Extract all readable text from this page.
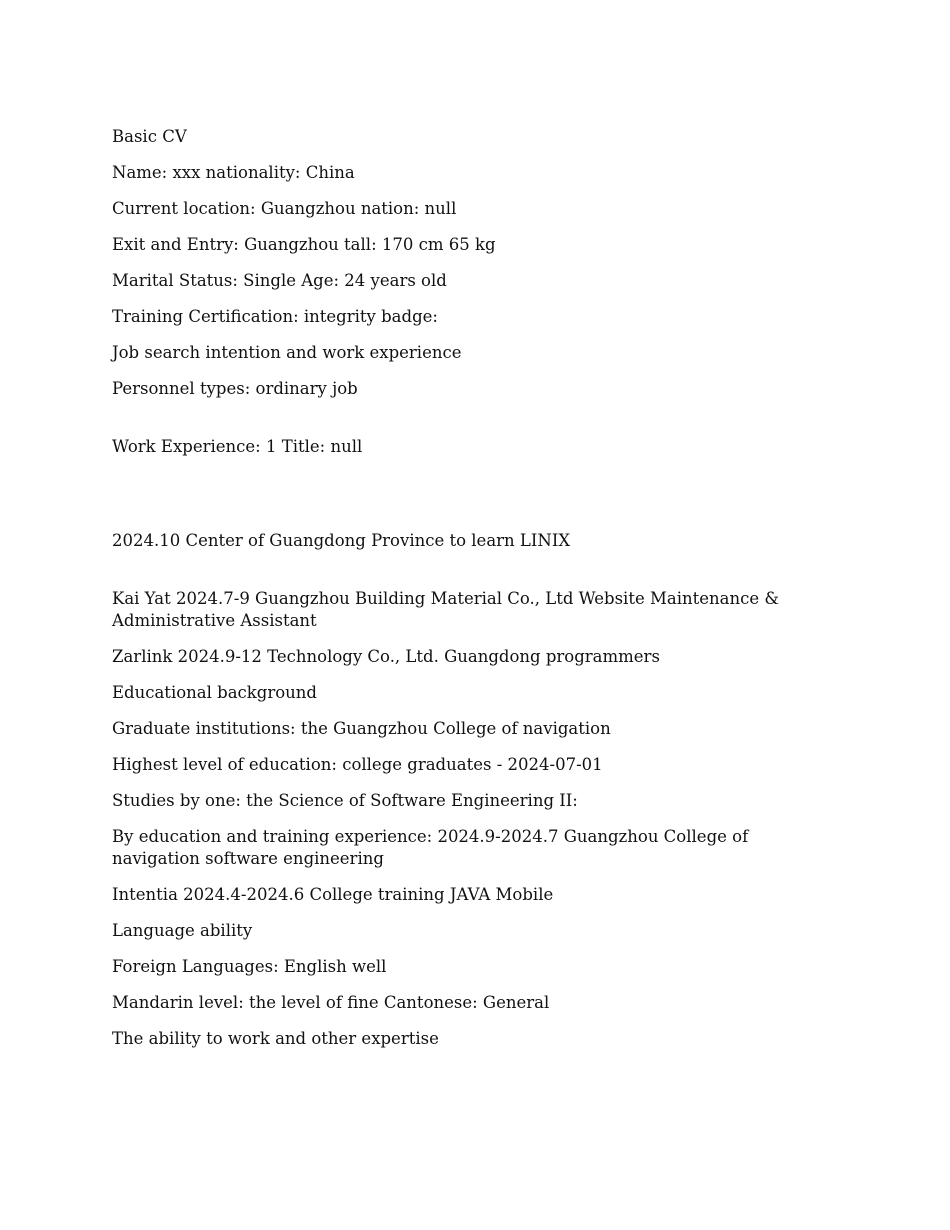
Basic CV

Name: xxx nationality: China

Current location: Guangzhou nation: null

Exit and Entry: Guangzhou tall: 170 cm 65 kg

Marital Status: Single Age: 24 years old

Training Certification: integrity badge:

Job search intention and work experience

Personnel types: ordinary job

Work Experience: 1 Title: null

2024.10 Center of Guangdong Province to learn LINIX

Kai Yat 2024.7-9 Guangzhou Building Material Co., Ltd Website Maintenance & Administrative Assistant

Zarlink 2024.9-12 Technology Co., Ltd. Guangdong programmers

Educational background

Graduate institutions: the Guangzhou College of navigation

Highest level of education: college graduates - 2024-07-01

Studies by one: the Science of Software Engineering II:

By education and training experience: 2024.9-2024.7 Guangzhou College of navigation software engineering

Intentia 2024.4-2024.6 College training JAVA Mobile

Language ability

Foreign Languages: English well

Mandarin level: the level of fine Cantonese: General

The ability to work and other expertise
